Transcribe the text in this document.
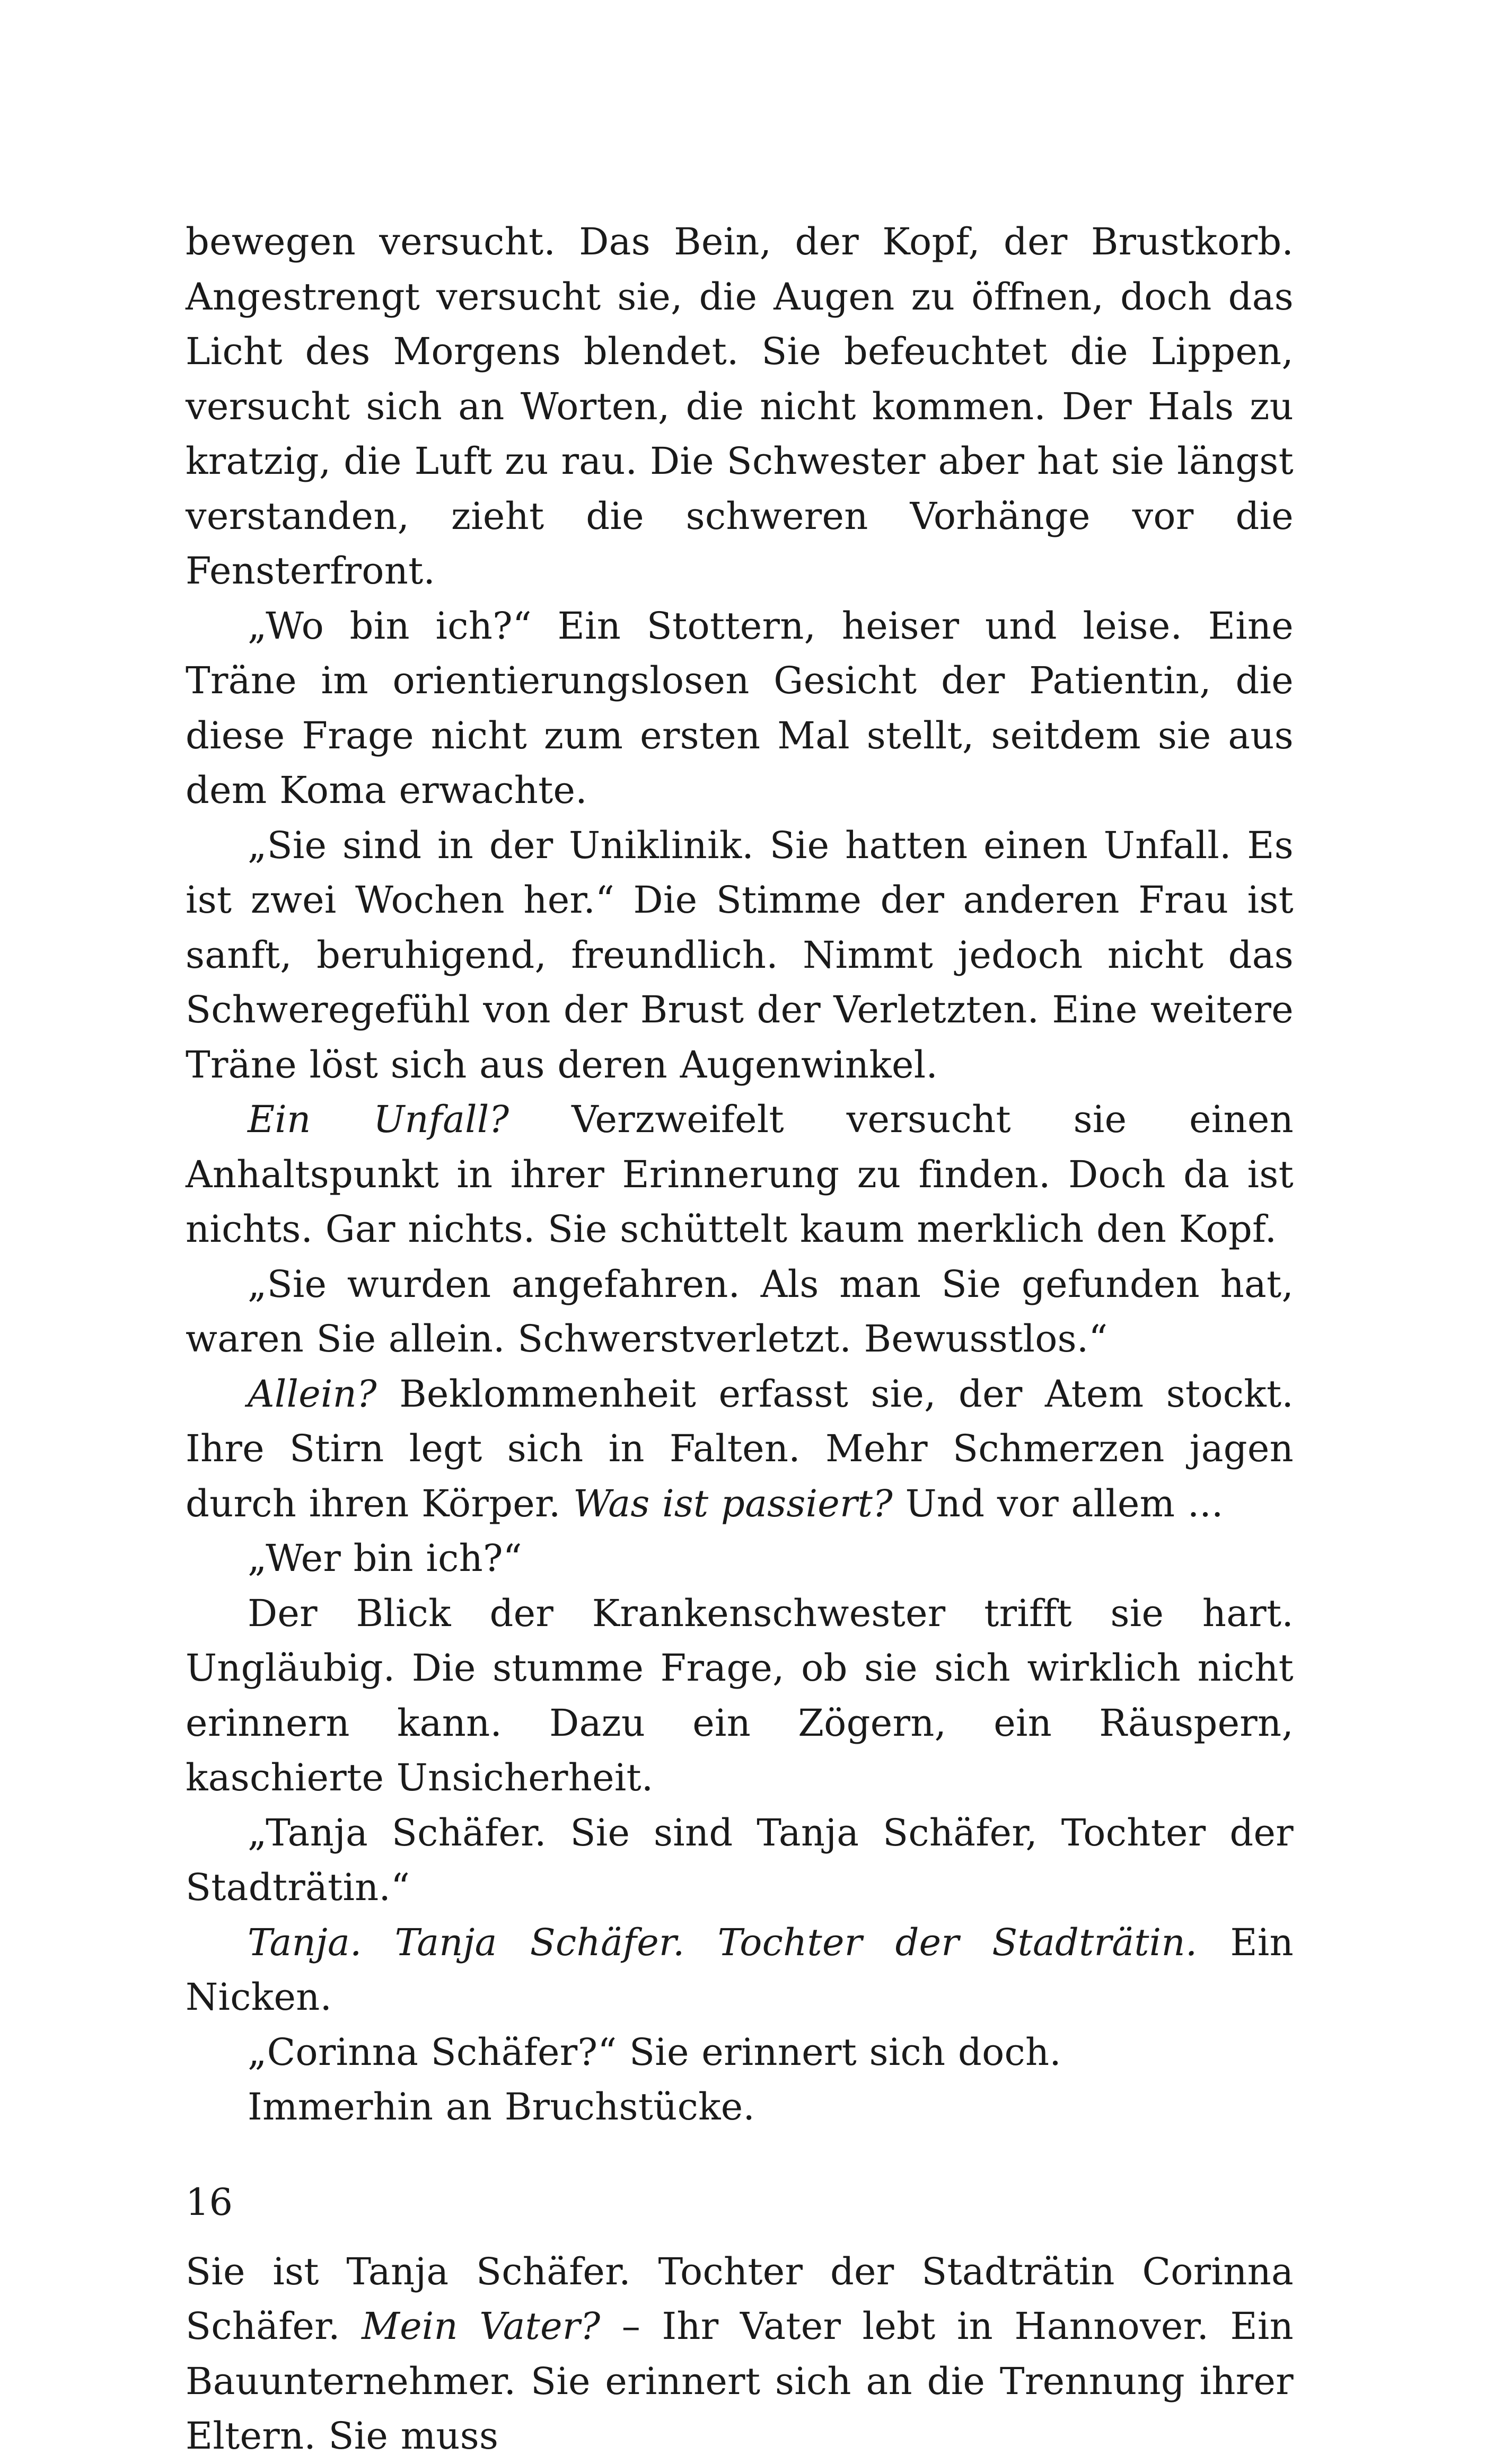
bewegen versucht. Das Bein, der Kopf, der Brustkorb. Angestrengt versucht sie, die Augen zu öffnen, doch das Licht des Morgens blendet. Sie befeuchtet die Lippen, versucht sich an Worten, die nicht kommen. Der Hals zu kratzig, die Luft zu rau. Die Schwester aber hat sie längst verstanden, zieht die schweren Vorhänge vor die Fensterfront.

„Wo bin ich?“ Ein Stottern, heiser und leise. Eine Träne im orientierungslosen Gesicht der Patientin, die diese Frage nicht zum ersten Mal stellt, seitdem sie aus dem Koma erwachte.

„Sie sind in der Uniklinik. Sie hatten einen Unfall. Es ist zwei Wochen her.“ Die Stimme der anderen Frau ist sanft, beruhigend, freundlich. Nimmt jedoch nicht das Schweregefühl von der Brust der Verletzten. Eine weitere Träne löst sich aus deren Augenwinkel.

Ein Unfall? Verzweifelt versucht sie einen Anhaltspunkt in ihrer Erinnerung zu finden. Doch da ist nichts. Gar nichts. Sie schüttelt kaum merklich den Kopf.

„Sie wurden angefahren. Als man Sie gefunden hat, waren Sie allein. Schwerstverletzt. Bewusstlos.“

Allein? Beklommenheit erfasst sie, der Atem stockt. Ihre Stirn legt sich in Falten. Mehr Schmerzen jagen durch ihren Körper. Was ist passiert? Und vor allem ...

„Wer bin ich?“

Der Blick der Krankenschwester trifft sie hart. Ungläubig. Die stumme Frage, ob sie sich wirklich nicht erinnern kann. Dazu ein Zögern, ein Räuspern, kaschierte Unsicherheit.

„Tanja Schäfer. Sie sind Tanja Schäfer, Tochter der Stadträtin.“

Tanja. Tanja Schäfer. Tochter der Stadträtin. Ein Nicken.

„Corinna Schäfer?“ Sie erinnert sich doch.

Immerhin an Bruchstücke.

Sie ist Tanja Schäfer. Tochter der Stadträtin Corinna Schäfer. Mein Vater? – Ihr Vater lebt in Hannover. Ein Bauunternehmer. Sie erinnert sich an die Trennung ihrer Eltern. Sie muss

16
